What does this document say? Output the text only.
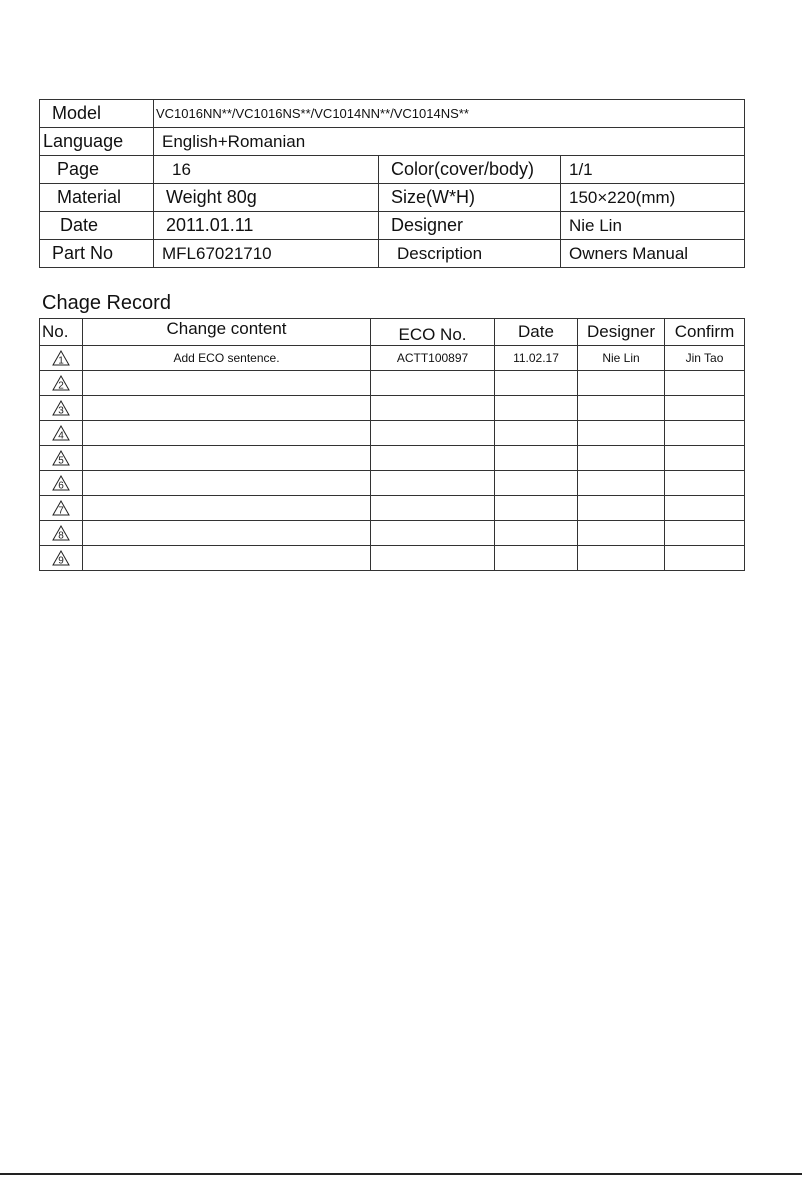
Model	VC1016NN**/VC1016NS**/VC1014NN**/VC1014NS**		
Language	English+Romanian		
Page	16	Color(cover/body)	1/1
Material	Weight 80g	Size(W*H)	150×220(mm)
Date	2011.01.11	Designer	Nie Lin
Part No	MFL67021710	Description	Owners Manual
Chage Record
No.	Change content	ECO No.	Date	Designer	Confirm

1	Add ECO sentence.	ACTT100897	11.02.17	Nie Lin	Jin Tao

2					

3					

4					

5					

6					

7					

8					

9					
